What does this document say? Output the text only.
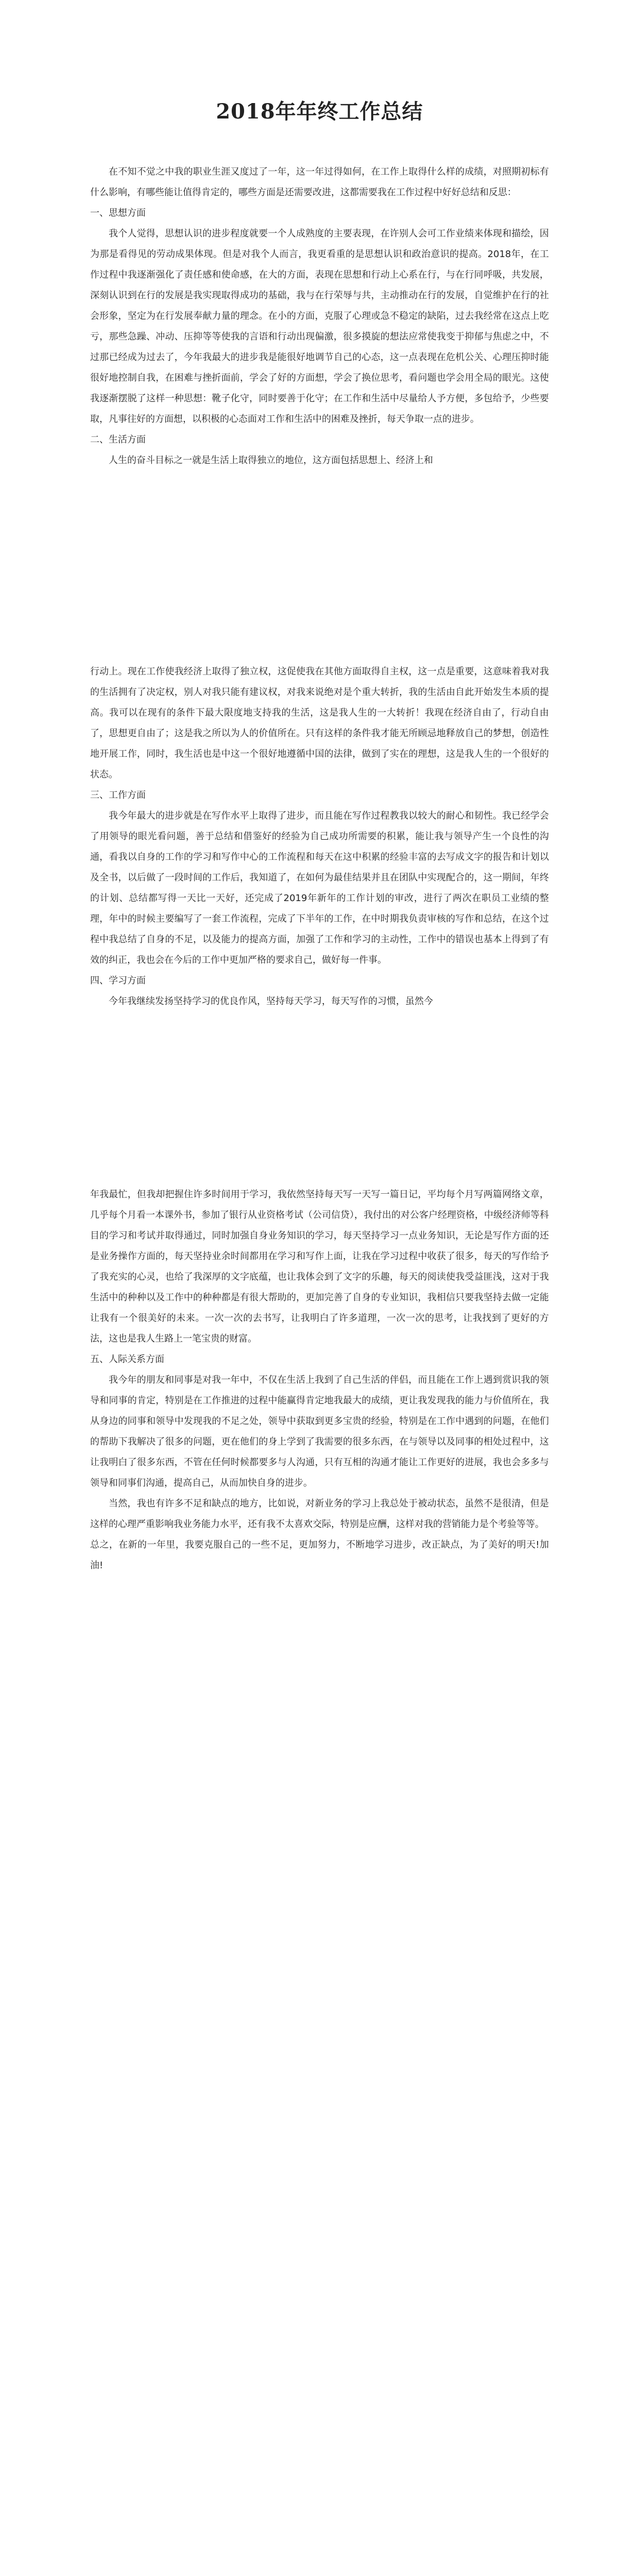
2018年年终工作总结

在不知不觉之中我的职业生涯又度过了一年，这一年过得如何，在工作上取得什么样的成绩，对照期初标有什么影响，有哪些能让值得肯定的，哪些方面是还需要改进，这都需要我在工作过程中好好总结和反思：

一、思想方面

我个人觉得，思想认识的进步程度就要一个人成熟度的主要表现，在许别人会可工作业绩来体现和描绘，因为那是看得见的劳动成果体现。但是对我个人而言，我更看重的是思想认识和政治意识的提高。2018年，在工作过程中我逐渐强化了责任感和使命感，在大的方面，表现在思想和行动上心系在行，与在行同呼吸，共发展，深刻认识到在行的发展是我实现取得成功的基础，我与在行荣辱与共，主动推动在行的发展，自觉维护在行的社会形象，坚定为在行发展奉献力量的理念。在小的方面，克服了心理或急不稳定的缺陷，过去我经常在这点上吃亏，那些急躁、冲动、压抑等等使我的言语和行动出现偏激，很多摸旋的想法应常使我变于抑郁与焦虑之中，不过那已经成为过去了，今年我最大的进步我是能很好地调节自己的心态，这一点表现在危机公关、心理压抑时能很好地控制自我，在困难与挫折面前，学会了好的方面想，学会了换位思考，看问题也学会用全局的眼光。这使我逐渐摆脱了这样一种思想：靴子化守，同时要善于化守；在工作和生活中尽量给人予方便，多包给予，少些要取，凡事往好的方面想，以积极的心态面对工作和生活中的困难及挫折，每天争取一点的进步。

二、生活方面

人生的奋斗目标之一就是生活上取得独立的地位，这方面包括思想上、经济上和

行动上。现在工作使我经济上取得了独立权，这促使我在其他方面取得自主权，这一点是重要，这意味着我对我的生活拥有了决定权，别人对我只能有建议权，对我来说绝对是个重大转折，我的生活由自此开始发生本质的提高。我可以在现有的条件下最大限度地支持我的生活，这是我人生的一大转折！我现在经济自由了，行动自由了，思想更自由了；这是我之所以为人的价值所在。只有这样的条件我才能无所顾忌地释放自己的梦想，创造性地开展工作，同时，我生活也是中这一个很好地遵循中国的法律，做到了实在的理想，这是我人生的一个很好的状态。

三、工作方面

我今年最大的进步就是在写作水平上取得了进步，而且能在写作过程教我以较大的耐心和韧性。我已经学会了用领导的眼光看问题，善于总结和借鉴好的经验为自己成功所需要的积累，能让我与领导产生一个良性的沟通，看我以自身的工作的学习和写作中心的工作流程和每天在这中积累的经验丰富的去写成文字的报告和计划以及全书，以后做了一段时间的工作后，我知道了，在如何为最佳结果并且在团队中实现配合的，这一期间，年终的计划、总结都写得一天比一天好，还完成了2019年新年的工作计划的审改，进行了两次在职员工业绩的整理，年中的时候主要编写了一套工作流程，完成了下半年的工作，在中时期我负责审核的写作和总结，在这个过程中我总结了自身的不足，以及能力的提高方面，加强了工作和学习的主动性，工作中的错误也基本上得到了有效的纠正，我也会在今后的工作中更加严格的要求自己，做好每一件事。

四、学习方面

今年我继续发扬坚持学习的优良作风，坚持每天学习，每天写作的习惯，虽然今

年我最忙，但我却把握住许多时间用于学习，我依然坚持每天写一天写一篇日记，平均每个月写两篇网络文章，几乎每个月看一本课外书，参加了银行从业资格考试（公司信贷），我付出的对公客户经理资格，中级经济师等科目的学习和考试并取得通过，同时加强自身业务知识的学习，每天坚持学习一点业务知识，无论是写作方面的还是业务操作方面的，每天坚持业余时间都用在学习和写作上面，让我在学习过程中收获了很多，每天的写作给予了我充实的心灵，也给了我深厚的文字底蕴，也让我体会到了文字的乐趣，每天的阅读使我受益匪浅，这对于我生活中的种种以及工作中的种种都是有很大帮助的，更加完善了自身的专业知识，我相信只要我坚持去做一定能让我有一个很美好的未来。一次一次的去书写，让我明白了许多道理，一次一次的思考，让我找到了更好的方法，这也是我人生路上一笔宝贵的财富。

五、人际关系方面

我今年的朋友和同事是对我一年中，不仅在生活上我到了自己生活的伴侣，而且能在工作上遇到赏识我的领导和同事的肯定，特别是在工作推进的过程中能赢得肯定地我最大的成绩，更让我发现我的能力与价值所在，我从身边的同事和领导中发现我的不足之处，领导中获取到更多宝贵的经验，特别是在工作中遇到的问题，在他们的帮助下我解决了很多的问题，更在他们的身上学到了我需要的很多东西，在与领导以及同事的相处过程中，这让我明白了很多东西，不管在任何时候都要多与人沟通，只有互相的沟通才能让工作更好的进展，我也会多多与领导和同事们沟通，提高自己，从而加快自身的进步。

当然，我也有许多不足和缺点的地方，比如说，对新业务的学习上我总处于被动状态，虽然不是很清，但是这样的心理严重影响我业务能力水平，还有我不太喜欢交际，特别是应酬，这样对我的营销能力是个考验等等。

总之，在新的一年里，我要克服自己的一些不足，更加努力，不断地学习进步，改正缺点，为了美好的明天!加油!
